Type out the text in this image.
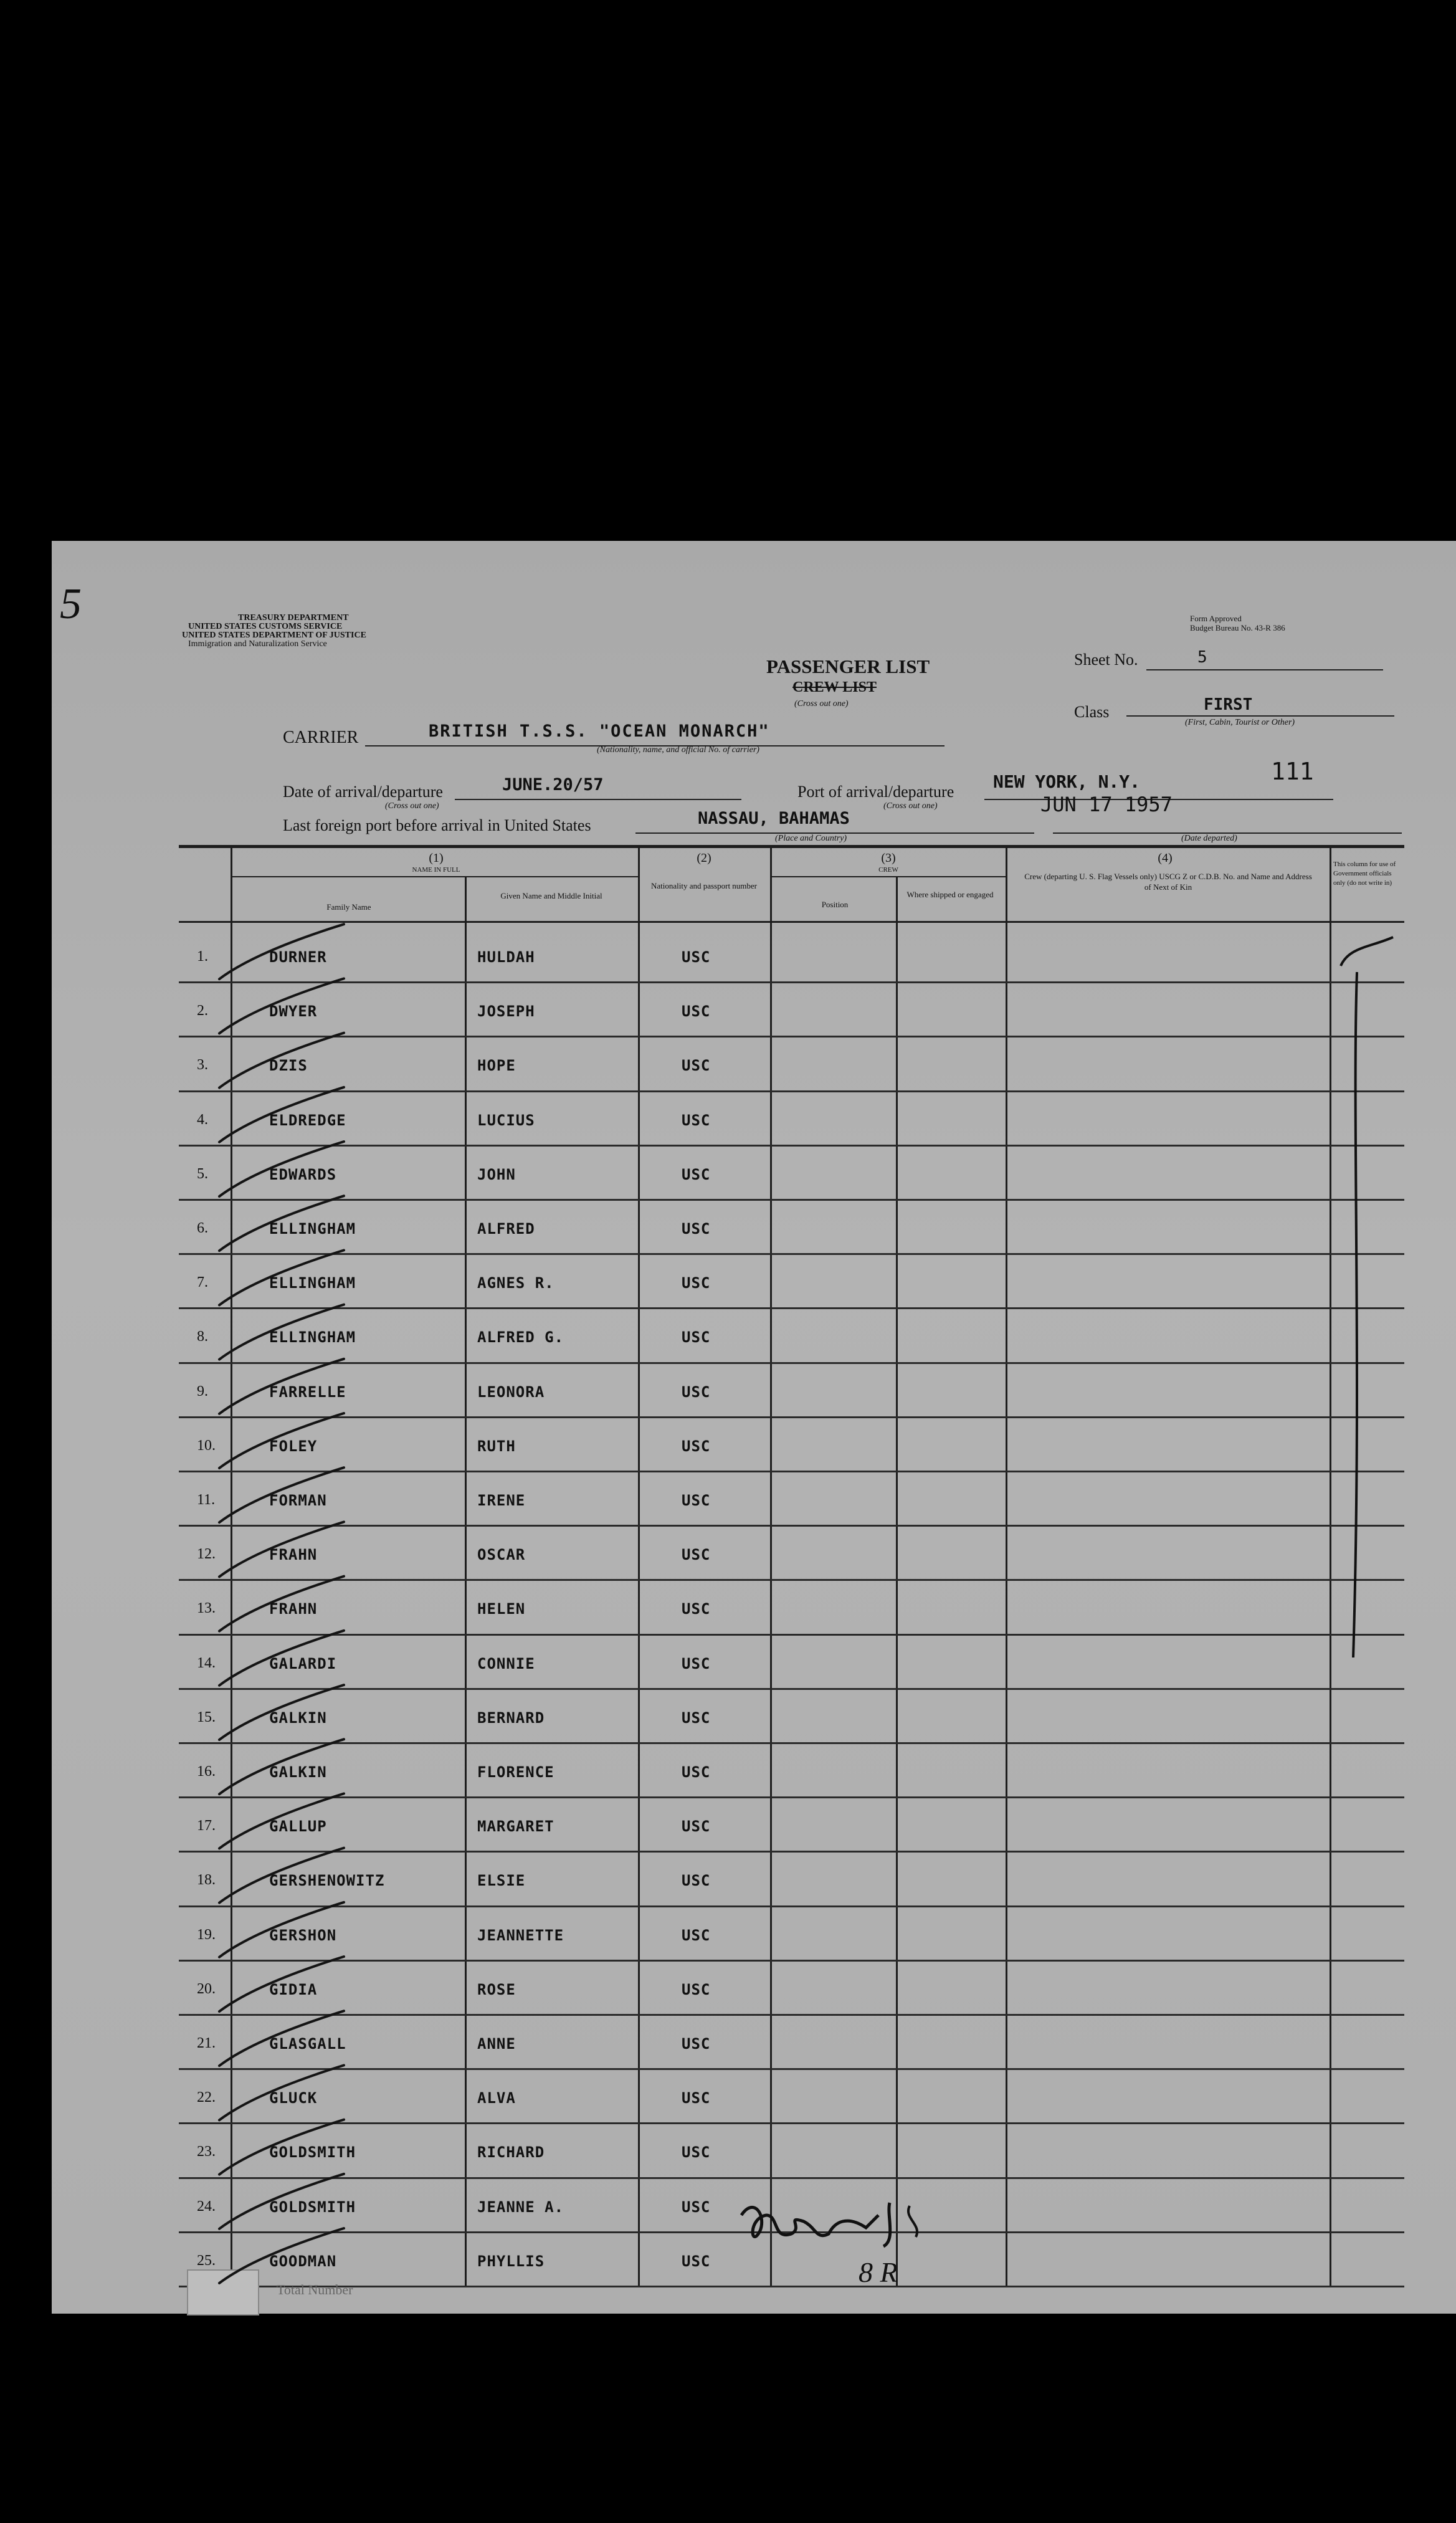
5	TREASURY DEPARTMENT
UNITED STATES CUSTOMS SERVICE
UNITED STATES DEPARTMENT OF JUSTICE
Immigration and Naturalization Service
Form Approved
Budget Bureau No. 43-R 386
PASSENGER LIST
CREW LIST
(Cross out one)
Sheet No.	5
Class	FIRST
(First, Cabin, Tourist or Other)
CARRIER	BRITISH T.S.S. "OCEAN MONARCH"
(Nationality, name, and official No. of carrier)
Date of arrival/departure	JUNE.20/57
(Cross out one)
Port of arrival/departure NEW YORK, N.Y.
(Cross out one)	JUN 17 1957
111
Last foreign port before arrival in United States	NASSAU, BAHAMAS
(Place and Country)	(Date departed)
(1)
NAME IN FULL
Family Name
Given Name and Middle Initial
(2)
Nationality and passport number
(3)
CREW
Position
Where shipped or engaged
(4)
Crew (departing U. S. Flag Vessels only) USCG Z or C.D.B. No. and Name and Address of Next of Kin
This column for use of Government officials only (do not write in)
1.	DURNER	HULDAH	USC
2.	DWYER	JOSEPH	USC
3.	DZIS	HOPE	USC
4.	ELDREDGE	LUCIUS	USC
5.	EDWARDS	JOHN	USC
6.	ELLINGHAM	ALFRED	USC
7.	ELLINGHAM	AGNES R.	USC
8.	ELLINGHAM	ALFRED G.	USC
9.	FARRELLE	LEONORA	USC
10.	FOLEY	RUTH	USC
11.	FORMAN	IRENE	USC
12.	FRAHN	OSCAR	USC
13.	FRAHN	HELEN	USC
14.	GALARDI	CONNIE	USC
15.	GALKIN	BERNARD	USC
16.	GALKIN	FLORENCE	USC
17.	GALLUP	MARGARET	USC
18.	GERSHENOWITZ	ELSIE	USC
19.	GERSHON	JEANNETTE	USC
20.	GIDIA	ROSE	USC
21.	GLASGALL	ANNE	USC
22.	GLUCK	ALVA	USC
23.	GOLDSMITH	RICHARD	USC
24.	GOLDSMITH	JEANNE A.	USC
25.	GOODMAN	PHYLLIS	USC
Total Number
8 R
